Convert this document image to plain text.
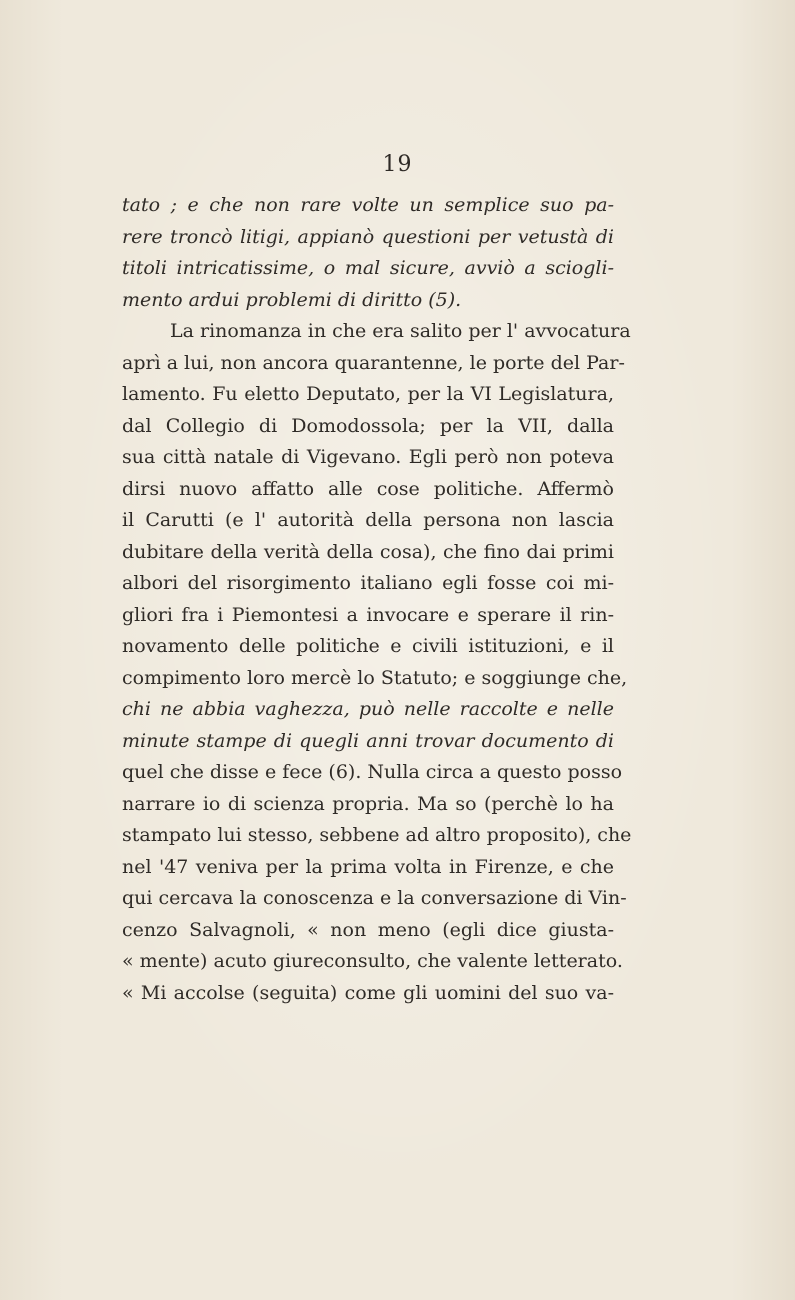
19
tato ; e che non rare volte un semplice suo pa-
rere troncò litigi, appianò questioni per vetustà di
titoli intricatissime, o mal sicure, avviò a sciogli-
mento ardui problemi di diritto (5).
La rinomanza in che era salito per l' avvocatura
aprì a lui, non ancora quarantenne, le porte del Par-
lamento. Fu eletto Deputato, per la VI Legislatura,
dal Collegio di Domodossola; per la VII, dalla
sua città natale di Vigevano. Egli però non poteva
dirsi nuovo affatto alle cose politiche. Affermò
il Carutti (e l' autorità della persona non lascia
dubitare della verità della cosa), che fino dai primi
albori del risorgimento italiano egli fosse coi mi-
gliori fra i Piemontesi a invocare e sperare il rin-
novamento delle politiche e civili istituzioni, e il
compimento loro mercè lo Statuto; e soggiunge che,
chi ne abbia vaghezza, può nelle raccolte e nelle
minute stampe di quegli anni trovar documento di
quel che disse e fece (6). Nulla circa a questo posso
narrare io di scienza propria. Ma so (perchè lo ha
stampato lui stesso, sebbene ad altro proposito), che
nel '47 veniva per la prima volta in Firenze, e che
qui cercava la conoscenza e la conversazione di Vin-
cenzo Salvagnoli, « non meno (egli dice giusta-
« mente) acuto giureconsulto, che valente letterato.
« Mi accolse (seguita) come gli uomini del suo va-
